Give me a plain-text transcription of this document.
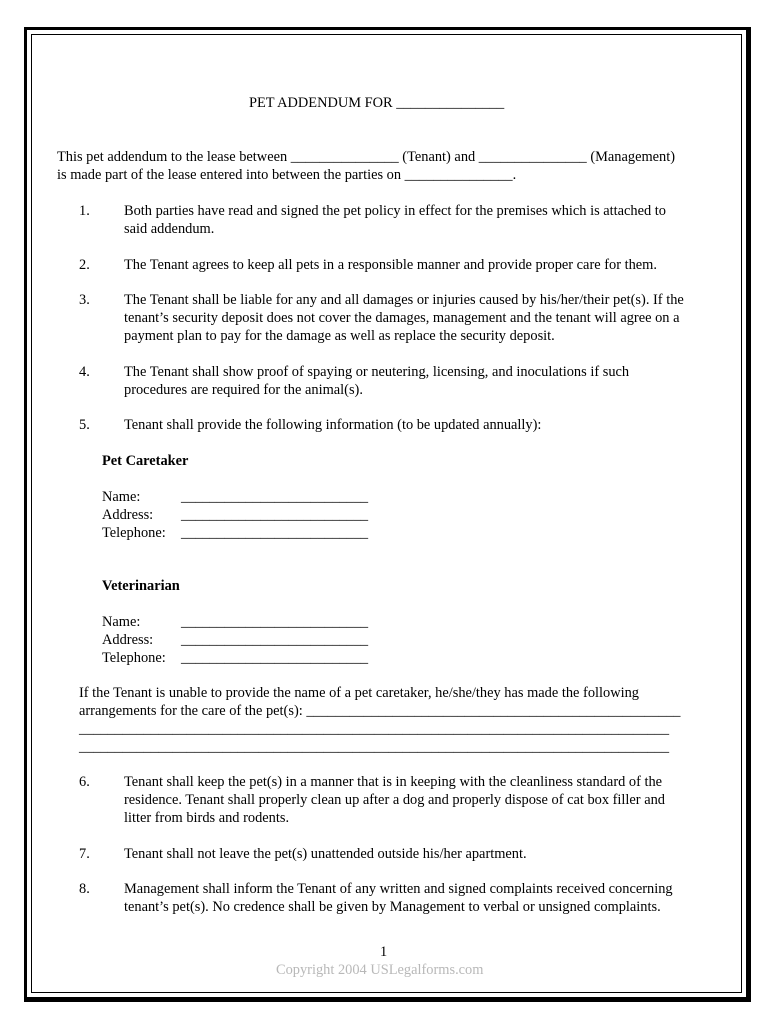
PET ADDENDUM FOR _______________
This pet addendum to the lease between _______________ (Tenant) and _______________ (Management)
is made part of the lease entered into between the parties on _______________.
1. Both parties have read and signed the pet policy in effect for the premises which is attached to
said addendum.
2. The Tenant agrees to keep all pets in a responsible manner and provide proper care for them.
3. The Tenant shall be liable for any and all damages or injuries caused by his/her/their pet(s). If the
tenant’s security deposit does not cover the damages, management and the tenant will agree on a
payment plan to pay for the damage as well as replace the security deposit.
4. The Tenant shall show proof of spaying or neutering, licensing, and inoculations if such
procedures are required for the animal(s).
5. Tenant shall provide the following information (to be updated annually):
Pet Caretaker
Name:	__________________________
Address: __________________________
Telephone: __________________________
Veterinarian
Name:	__________________________
Address: __________________________
Telephone: __________________________
If the Tenant is unable to provide the name of a pet caretaker, he/she/they has made the following
arrangements for the care of the pet(s): ____________________________________________________
__________________________________________________________________________________
__________________________________________________________________________________
6. Tenant shall keep the pet(s) in a manner that is in keeping with the cleanliness standard of the
residence. Tenant shall properly clean up after a dog and properly dispose of cat box filler and
litter from birds and rodents.
7. Tenant shall not leave the pet(s) unattended outside his/her apartment.
8. Management shall inform the Tenant of any written and signed complaints received concerning
tenant’s pet(s). No credence shall be given by Management to verbal or unsigned complaints.
1
Copyright 2004 USLegalforms.com
